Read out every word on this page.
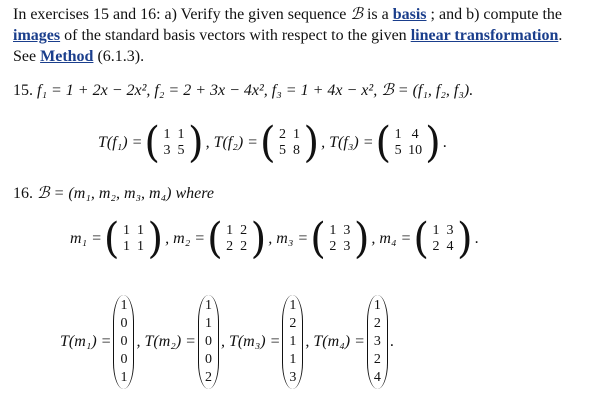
In exercises 15 and 16: a) Verify the given sequence ℬ is a basis ; and b) compute the
images of the standard basis vectors with respect to the given linear transformation.
See Method (6.1.3).
15. f₁ = 1 + 2x − 2x², f₂ = 2 + 3x − 4x², f₃ = 1 + 4x − x², ℬ = (f₁, f₂, f₃).
T(f₁) = ( 1 1
3 5 ) , T(f₂) = ( 2 1
5 8 ) , T(f₃) = ( 1 4
5 10 ) .
16. ℬ = (m₁, m₂, m₃, m₄) where
m₁ = ( 1 1
1 1 ) , m₂ = ( 1 2
2 2 ) , m₃ = ( 1 3
2 3 ) , m₄ = ( 1 3
2 4 ) .
T(m₁) =
1
0
0
0
1
, T(m₂) =
1
1
0
0
2
, T(m₃) =
1
2
1
1
3
, T(m₄) =
1
2
3
2
4
.
